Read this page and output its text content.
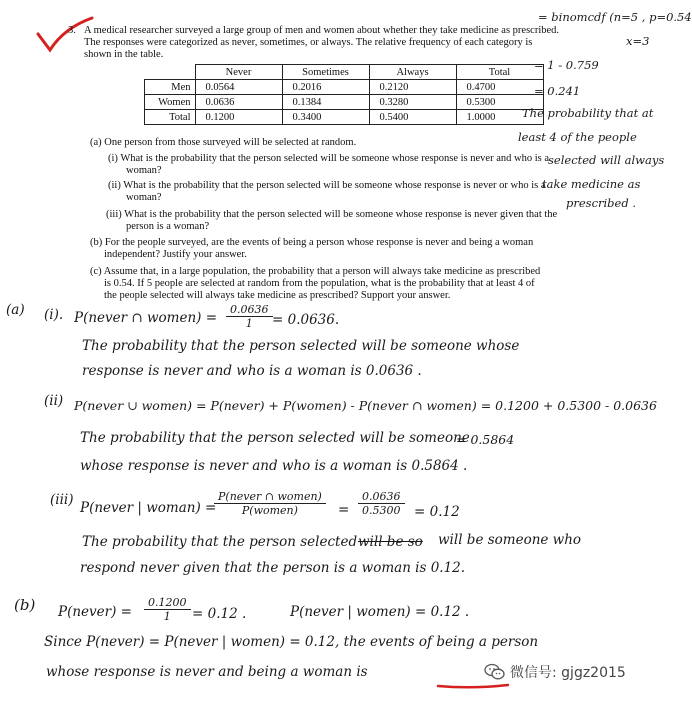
3. A medical researcher surveyed a large group of men and women about whether they take medicine as prescribed.
The responses were categorized as never, sometimes, or always. The relative frequency of each category is
shown in the table.
	Never	Sometimes	Always	Total
Men	0.0564	0.2016	0.2120	0.4700
Women	0.0636	0.1384	0.3280	0.5300
Total	0.1200	0.3400	0.5400	1.0000
(a) One person from those surveyed will be selected at random.
(i) What is the probability that the person selected will be someone whose response is never and who is a
woman?
(ii) What is the probability that the person selected will be someone whose response is never or who is a
woman?
(iii) What is the probability that the person selected will be someone whose response is never given that the
person is a woman?
(b) For the people surveyed, are the events of being a person whose response is never and being a woman
independent? Justify your answer.
(c) Assume that, in a large population, the probability that a person will always take medicine as prescribed
is 0.54. If 5 people are selected at random from the population, what is the probability that at least 4 of
the people selected will always take medicine as prescribed? Support your answer.
= binomcdf (n=5 , p=0.54
x=3
= 1 - 0.759
= 0.241
The probability that at
least 4 of the people
selected will always
take medicine as
prescribed .
(a) (i). P(never ∩ women) = $\frac{0.0636}{1} = 0.0636$.
The probability that the person selected will be someone whose
response is never and who is a woman is 0.0636 .
(ii) P(never ∪ women) = P(never) + P(women) - P(never ∩ women) = 0.1200 + 0.5300 - 0.0636
The probability that the person selected will be someone
= 0.5864
whose response is never and who is a woman is 0.5864 .
(iii) P(never | woman) =
P(never ∩ women)
P(women)	= $\frac{0.0636}{0.5300} = 0.12$
The probability that the person selected will be so will be someone who
respond never given that the person is a woman is 0.12.
(b) P(never) = $\frac{0.1200}{1} = 0.12$ .	P(never | women) = 0.12 .
Since P(never) = P(never | women) = 0.12, the events of being a person
whose response is never and being a woman is	微信号: gjgz2015
